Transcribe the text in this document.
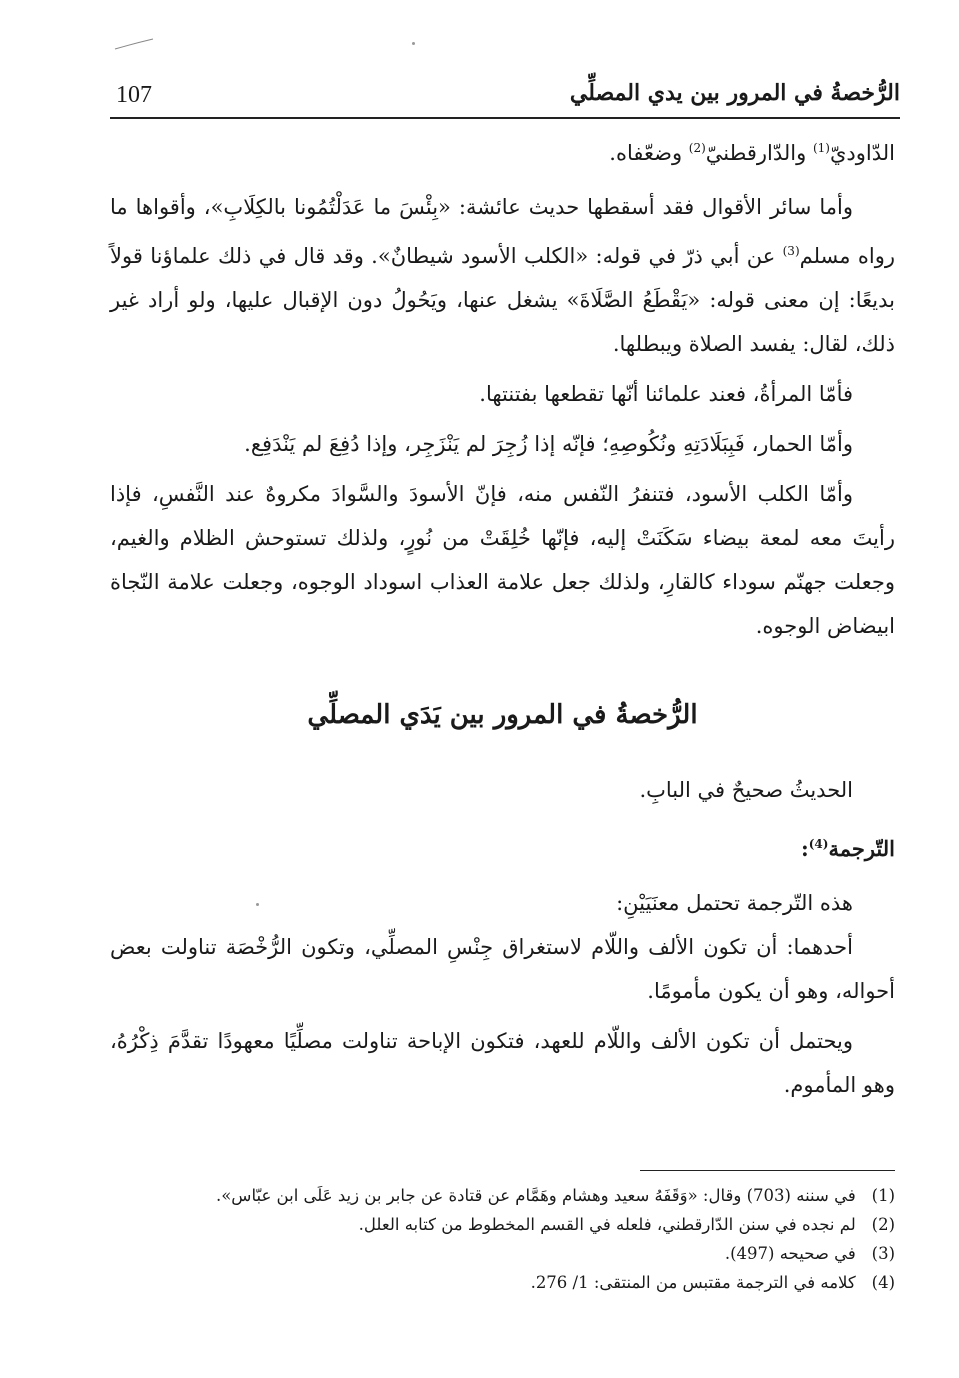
107	الرُّخصةُ في المرور بين يدي المصلِّي

الدّاوديّ$^{(1)}$ والدّارقطنيّ$^{(2)}$ وضعّفاه.

وأما سائر الأقوال فقد أسقطها حديث عائشة: «بِئْسَ ما عَدَلْتُمُونا بالكِلَابِ»، وأقواها ما رواه مسلم$^{(3)}$ عن أبي ذرّ في قوله: «الكلب الأسود شيطانٌ». وقد قال في ذلك علماؤنا قولاً بديعًا: إن معنى قوله: «يَقْطَعُ الصَّلَاةَ» يشغل عنها، ويَحُولُ دون الإقبال عليها، ولو أراد غير ذلك، لقال: يفسد الصلاة ويبطلها.

فأمّا المرأةُ، فعند علمائنا أنّها تقطعها بفتنتها.

وأمّا الحمار، فَبِبَلَادَتِهِ ونُكُوصِهِ؛ فإنّه إذا زُجِرَ لم يَنْزَجِر، وإذا دُفِعَ لم يَنْدَفِع.

وأمّا الكلب الأسود، فتنفرُ النّفس منه، فإنّ الأسودَ والسَّوادَ مكروهٌ عند النَّفسِ، فإذا رأيتَ معه لمعة بيضاء سَكَنَتْ إليه، فإنّها خُلِقَتْ من نُورٍ، ولذلك تستوحش الظلام والغيم، وجعلت جهنّم سوداء كالقارِ، ولذلك جعل علامة العذاب اسوداد الوجوه، وجعلت علامة النّجاة ابيضاض الوجوه.

الرُّخصةُ في المرور بين يَدَي المصلِّي

الحديثُ صحيحٌ في البابِ.

التّرجمة$^{(4)}$:

هذه التّرجمة تحتمل معنَيَيْنِ:

أحدهما: أن تكون الألف واللّام لاستغراق جِنْسِ المصلِّي، وتكون الرُّخْصَة تناولت بعض أحواله، وهو أن يكون مأمومًا.

ويحتمل أن تكون الألف واللّام للعهد، فتكون الإباحة تناولت مصلِّيًا معهودًا تقدَّمَ ذِكْرُهُ، وهو المأموم.

(1) في سننه (703) وقال: «وَقَفَهُ سعيد وهشام وهَمَّام عن قتادة عن جابر بن زيد عَلَى ابن عبّاس».
(2) لم نجده في سنن الدّارقطني، فلعله في القسم المخطوط من كتابه العلل.
(3) في صحيحه (497).
(4) كلامه في الترجمة مقتبس من المنتقى: 1/ 276.
